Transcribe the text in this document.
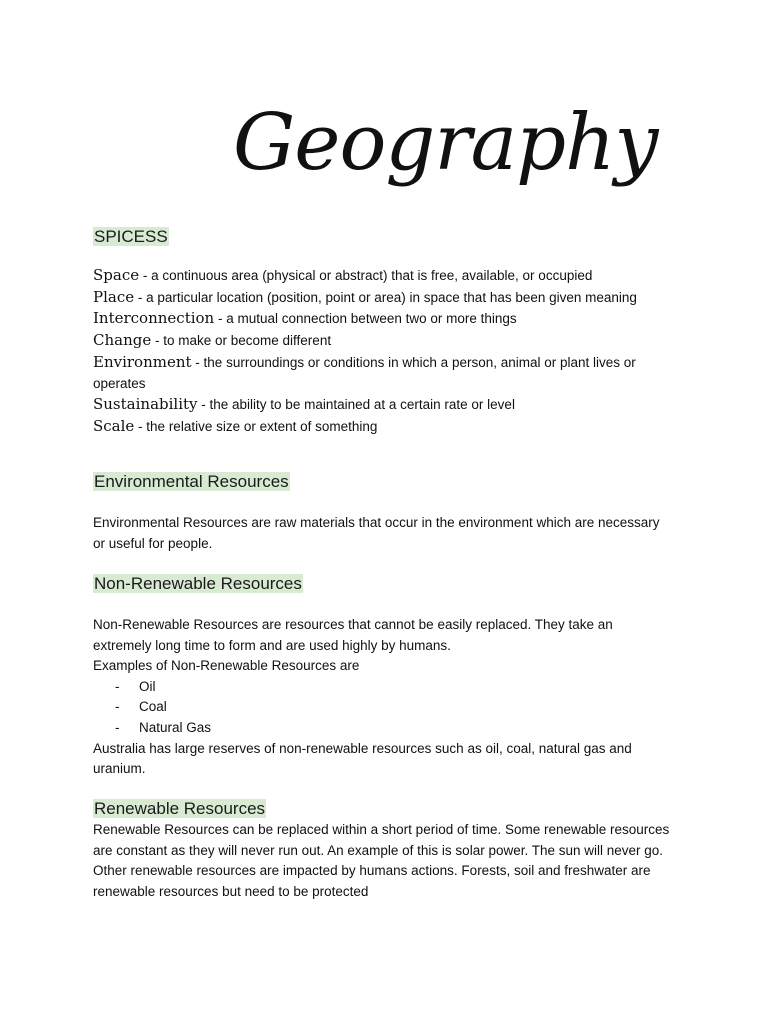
Geography
SPICESS
Space - a continuous area (physical or abstract) that is free, available, or occupied
Place - a particular location (position, point or area) in space that has been given meaning
Interconnection - a mutual connection between two or more things
Change - to make or become different
Environment - the surroundings or conditions in which a person, animal or plant lives or operates
Sustainability - the ability to be maintained at a certain rate or level
Scale - the relative size or extent of something
Environmental Resources
Environmental Resources are raw materials that occur in the environment which are necessary or useful for people.
Non-Renewable Resources
Non-Renewable Resources are resources that cannot be easily replaced. They take an extremely long time to form and are used highly by humans.
Examples of Non-Renewable Resources are
- Oil
- Coal
- Natural Gas
Australia has large reserves of non-renewable resources such as oil, coal, natural gas and uranium.
Renewable Resources
Renewable Resources can be replaced within a short period of time. Some renewable resources are constant as they will never run out. An example of this is solar power. The sun will never go. Other renewable resources are impacted by humans actions. Forests, soil and freshwater are renewable resources but need to be protected
